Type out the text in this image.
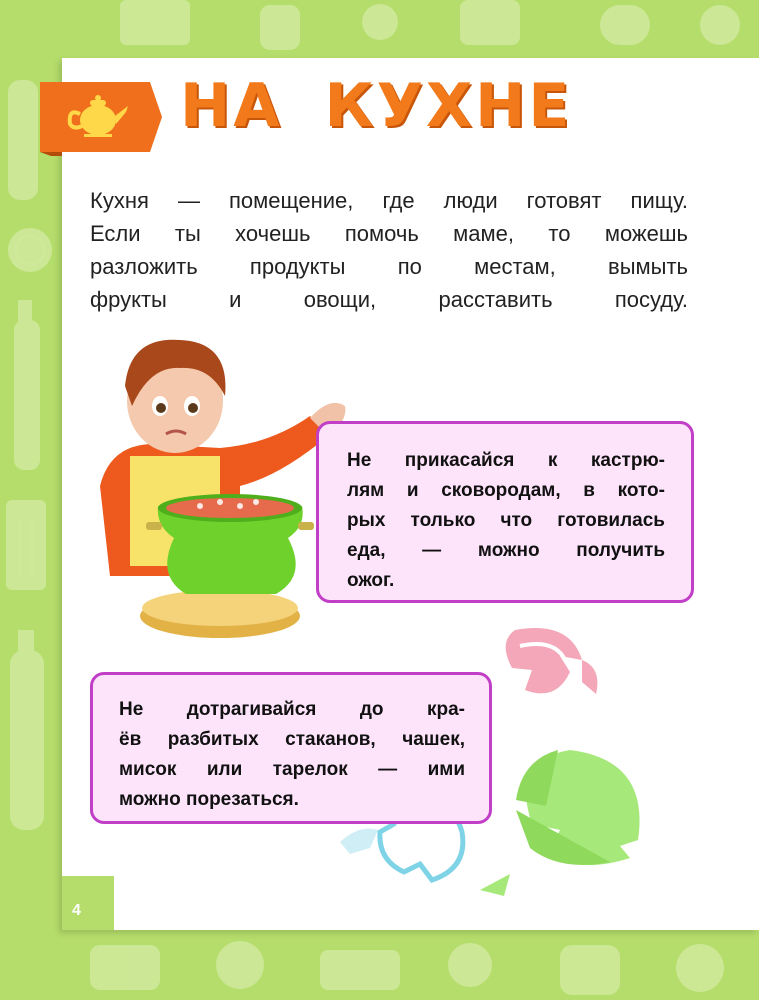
НА КУХНЕ

Кухня — помещение, где люди готовят пищу.

Если ты хочешь помочь маме, то можешь

разложить продукты по местам, вымыть

фрукты и овощи, расставить посуду.

Не прикасайся к кастрю-
лям и сковородам, в кото-
рых только что готовилась
еда, — можно получить
ожог.
Не дотрагивайся до кра-
ёв разбитых стаканов, чашек,
мисок или тарелок — ими
можно порезаться.
4
